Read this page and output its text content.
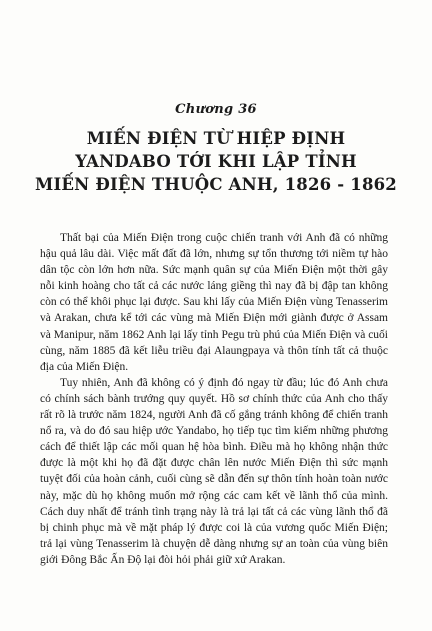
Chương 36
MIẾN ĐIỆN TỪ HIỆP ĐỊNH
YANDABO TỚI KHI LẬP TỈNH
MIẾN ĐIỆN THUỘC ANH, 1826 - 1862

Thất bại của Miến Điện trong cuộc chiến tranh với Anh đã có những hậu quả lâu dài. Việc mất đất đã lớn, nhưng sự tổn thương tới niềm tự hào dân tộc còn lớn hơn nữa. Sức mạnh quân sự của Miến Điện một thời gây nỗi kinh hoàng cho tất cả các nước láng giềng thì nay đã bị đập tan không còn có thể khôi phục lại được. Sau khi lấy của Miến Điện vùng Tenasserim và Arakan, chưa kể tới các vùng mà Miến Điện mới giành được ở Assam và Manipur, năm 1862 Anh lại lấy tỉnh Pegu trù phú của Miến Điện và cuối cùng, năm 1885 đã kết liễu triều đại Alaungpaya và thôn tính tất cả thuộc địa của Miến Điện.

Tuy nhiên, Anh đã không có ý định đó ngay từ đầu; lúc đó Anh chưa có chính sách bành trướng quy quyết. Hồ sơ chính thức của Anh cho thấy rất rõ là trước năm 1824, người Anh đã cố gắng tránh không để chiến tranh nổ ra, và do đó sau hiệp ước Yandabo, họ tiếp tục tìm kiếm những phương cách để thiết lập các mối quan hệ hòa bình. Điều mà họ không nhận thức được là một khi họ đã đặt được chân lên nước Miến Điện thì sức mạnh tuyệt đối của hoàn cảnh, cuối cùng sẽ dẫn đến sự thôn tính hoàn toàn nước này, mặc dù họ không muốn mở rộng các cam kết về lãnh thổ của mình. Cách duy nhất để tránh tình trạng này là trả lại tất cả các vùng lãnh thổ đã bị chinh phục mà về mặt pháp lý được coi là của vương quốc Miến Điện; trả lại vùng Tenasserim là chuyện dễ dàng nhưng sự an toàn của vùng biên giới Đông Bắc Ấn Độ lại đòi hỏi phải giữ xứ Arakan.
